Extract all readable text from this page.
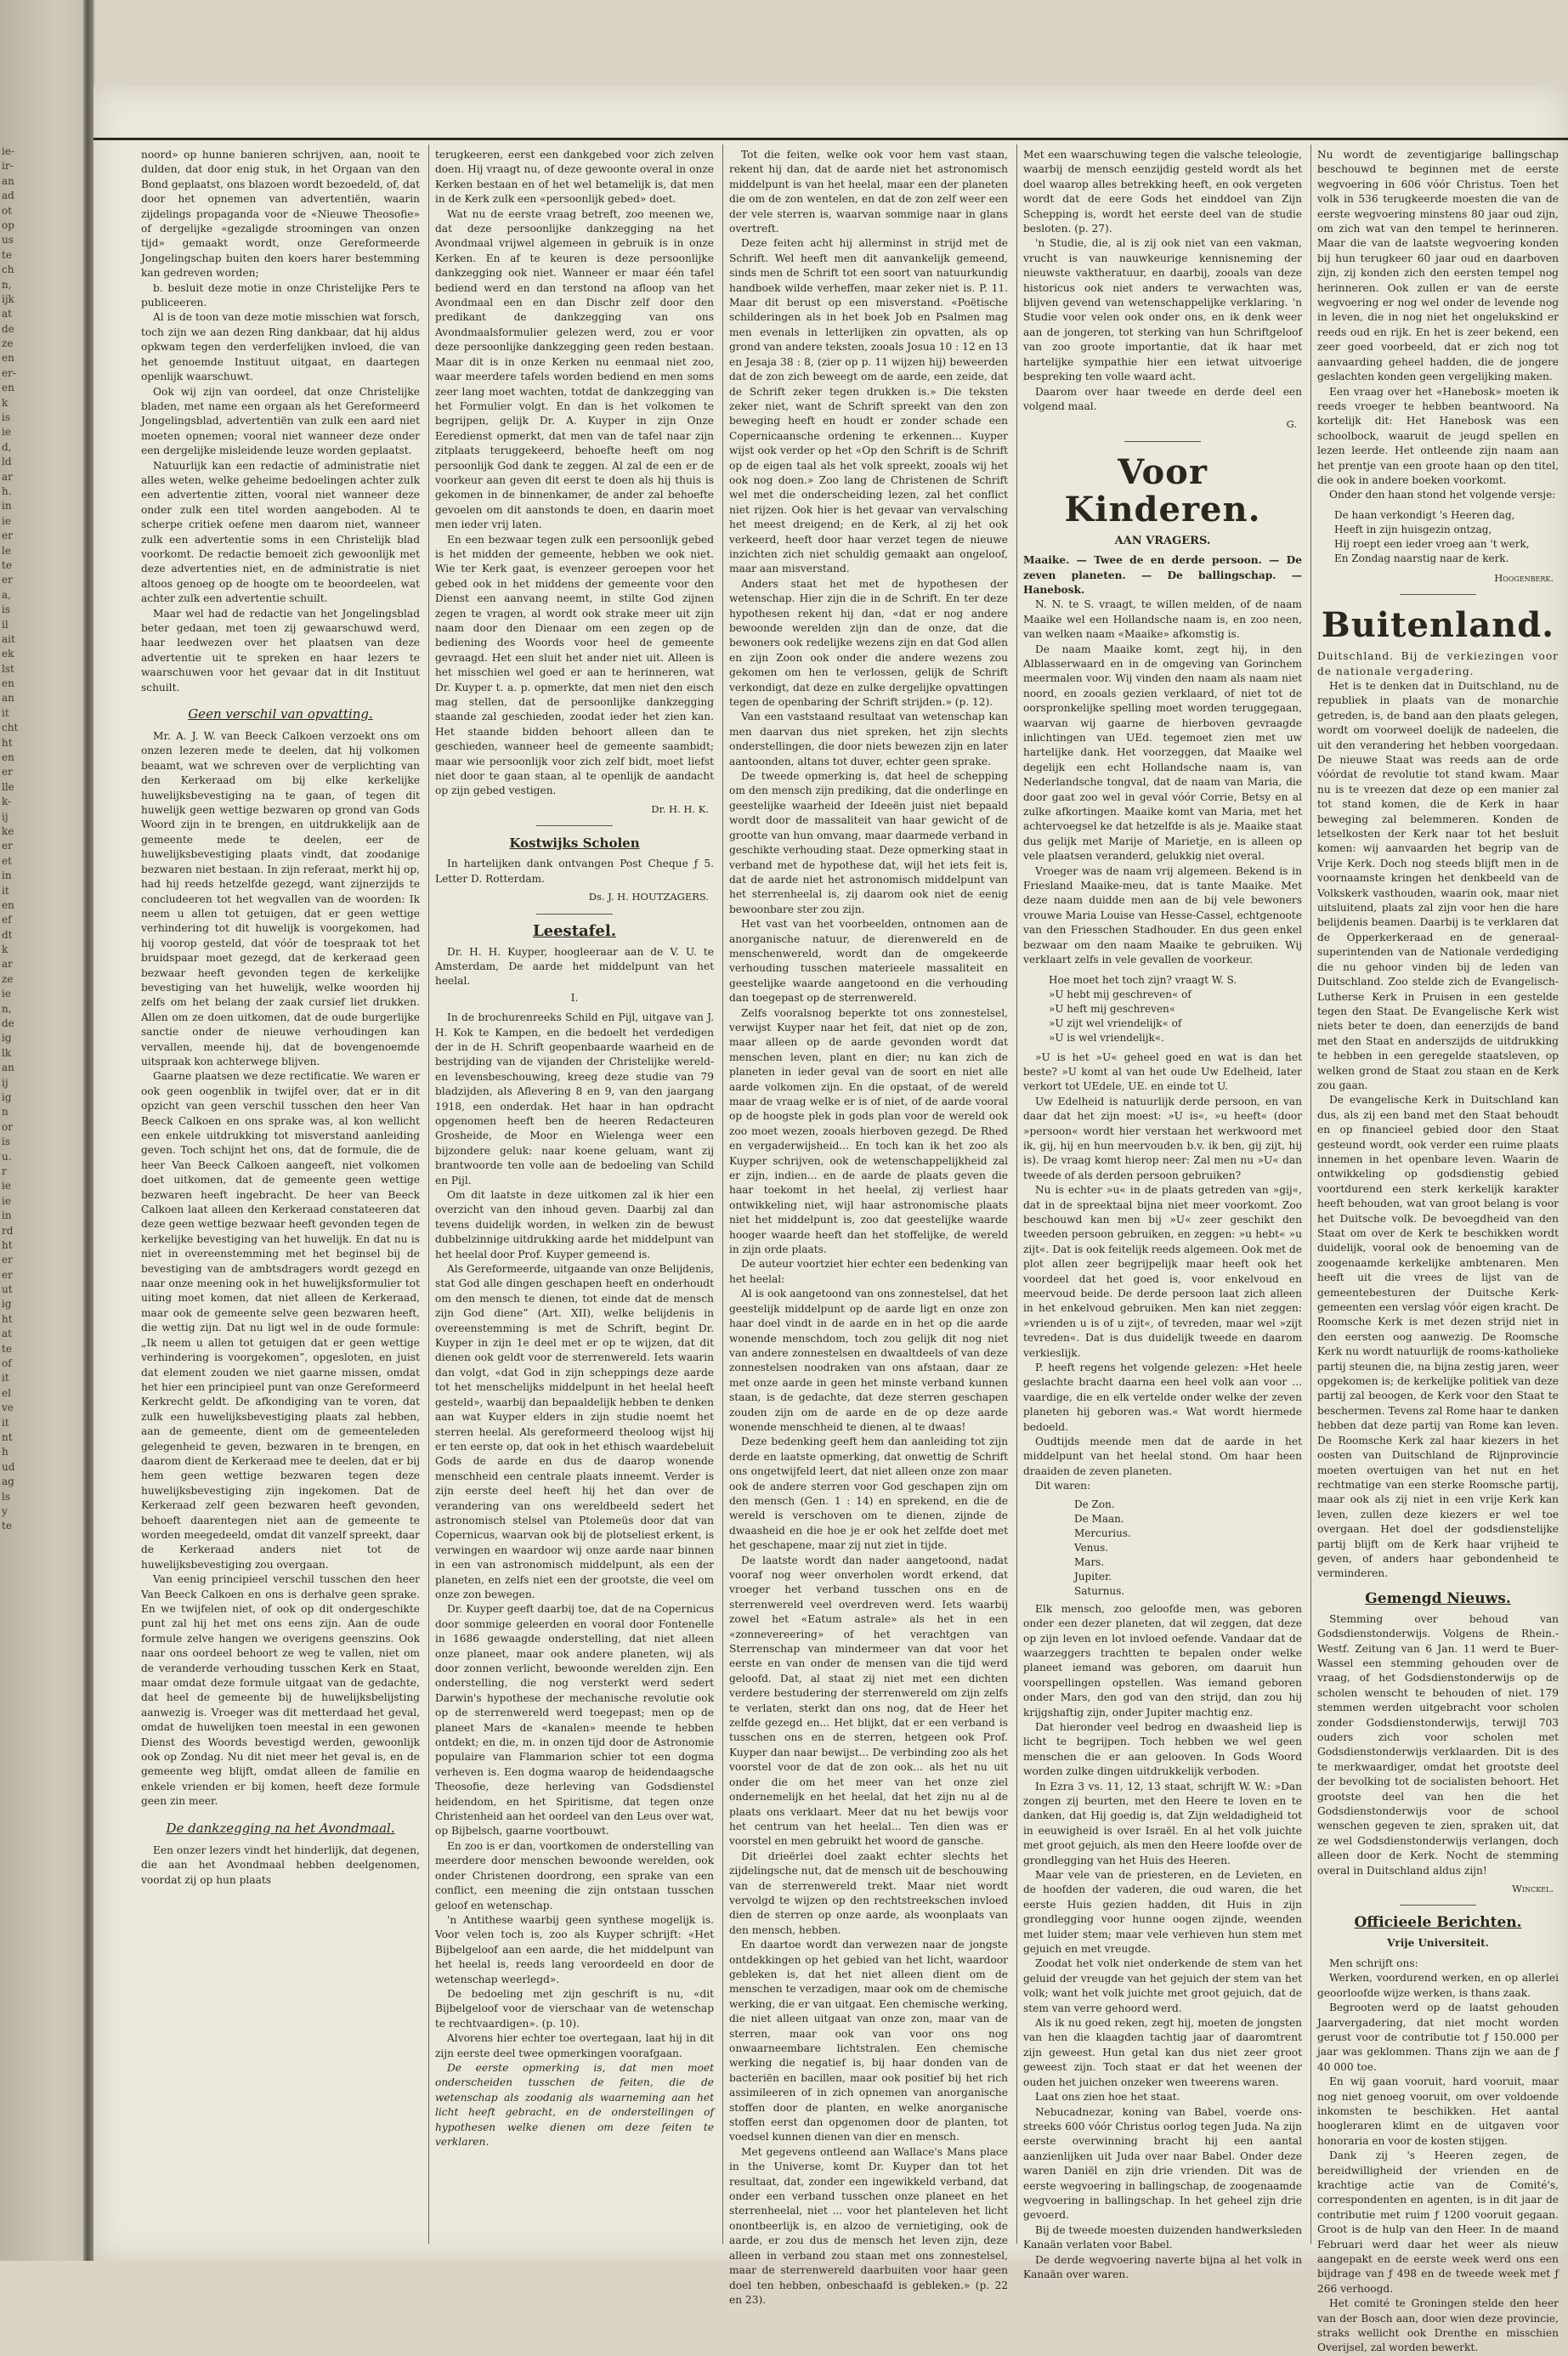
ie-
ir-
an
ad
ot
op
us
te
ch
n,
ijk
at
de
ze
en
er-
en
k
is
ie
d,
ld
ar
h.
in
ie
er
le
te
er
a,
is
il
ait
ek
lst
en
an
it
cht
ht
en
er
lle
k-
ij
ke
er
et
in
it
en
ef
dt
k
ar
ze
ie
n,
de
ig
lk
an
ij
ig
n
or
is
u.
r
ie
ie
in
rd
ht
er
er
ut
ig
ht
at
te
of
it
el
ve
it
nt
h
ud
ag
ls
y
te

noord» op hunne banieren schrijven, aan, nooit te dulden, dat door enig stuk, in het Orgaan van den Bond geplaatst, ons blazoen wordt bezoedeld, of, dat door het opnemen van advertentiën, waarin zijdelings propaganda voor de «Nieuwe Theosofie» of dergelijke «gezaligde stroomingen van onzen tijd» gemaakt wordt, onze Gereformeerde Jongelingschap buiten den koers harer bestemming kan gedreven worden;

b. besluit deze motie in onze Christelijke Pers te publiceeren.

Al is de toon van deze motie misschien wat forsch, toch zijn we aan dezen Ring dankbaar, dat hij aldus opkwam tegen den verderfelijken invloed, die van het genoemde Instituut uitgaat, en daartegen openlijk waarschuwt.

Ook wij zijn van oordeel, dat onze Christelijke bladen, met name een orgaan als het Gereformeerd Jongelingsblad, advertentiën van zulk een aard niet moeten opnemen; vooral niet wanneer deze onder een dergelijke misleidende leuze worden geplaatst.

Natuurlijk kan een redactie of administratie niet alles weten, welke geheime bedoelingen achter zulk een advertentie zitten, vooral niet wanneer deze onder zulk een titel worden aangeboden. Al te scherpe critiek oefene men daarom niet, wanneer zulk een advertentie soms in een Christelijk blad voorkomt. De redactie bemoeit zich gewoonlijk met deze advertenties niet, en de administratie is niet altoos genoeg op de hoogte om te beoordeelen, wat achter zulk een advertentie schuilt.

Maar wel had de redactie van het Jongelingsblad beter gedaan, met toen zij gewaarschuwd werd, haar leedwezen over het plaatsen van deze advertentie uit te spreken en haar lezers te waarschuwen voor het gevaar dat in dit Instituut schuilt.

Geen verschil van opvatting.

Mr. A. J. W. van Beeck Calkoen verzoekt ons om onzen lezeren mede te deelen, dat hij volkomen beaamt, wat we schreven over de verplichting van den Kerkeraad om bij elke kerkelijke huwelijksbevestiging na te gaan, of tegen dit huwelijk geen wettige bezwaren op grond van Gods Woord zijn in te brengen, en uitdrukkelijk aan de gemeente mede te deelen, eer de huwelijksbevestiging plaats vindt, dat zoodanige bezwaren niet bestaan. In zijn referaat, merkt hij op, had hij reeds hetzelfde gezegd, want zijnerzijds te concludeeren tot het wegvallen van de woorden: Ik neem u allen tot getuigen, dat er geen wettige verhindering tot dit huwelijk is voorgekomen, had hij voorop gesteld, dat vóór de toespraak tot het bruidspaar moet gezegd, dat de kerkeraad geen bezwaar heeft gevonden tegen de kerkelijke bevestiging van het huwelijk, welke woorden hij zelfs om het belang der zaak cursief liet drukken. Allen om ze doen uitkomen, dat de oude burgerlijke sanctie onder de nieuwe verhoudingen kan vervallen, meende hij, dat de bovengenoemde uitspraak kon achterwege blijven.

Gaarne plaatsen we deze rectificatie. We waren er ook geen oogenblik in twijfel over, dat er in dit opzicht van geen verschil tusschen den heer Van Beeck Calkoen en ons sprake was, al kon wellicht een enkele uitdrukking tot misverstand aanleiding geven. Toch schijnt het ons, dat de formule, die de heer Van Beeck Calkoen aangeeft, niet volkomen doet uitkomen, dat de gemeente geen wettige bezwaren heeft ingebracht. De heer van Beeck Calkoen laat alleen den Kerkeraad constateeren dat deze geen wettige bezwaar heeft gevonden tegen de kerkelijke bevestiging van het huwelijk. En dat nu is niet in overeenstemming met het beginsel bij de bevestiging van de ambtsdragers wordt gezegd en naar onze meening ook in het huwelijksformulier tot uiting moet komen, dat niet alleen de Kerkeraad, maar ook de gemeente selve geen bezwaren heeft, die wettig zijn. Dat nu ligt wel in de oude formule: „Ik neem u allen tot getuigen dat er geen wettige verhindering is voorgekomen”, opgesloten, en juist dat element zouden we niet gaarne missen, omdat het hier een principieel punt van onze Gereformeerd Kerkrecht geldt. De afkondiging van te voren, dat zulk een huwelijksbevestiging plaats zal hebben, aan de gemeente, dient om de gemeenteleden gelegenheid te geven, bezwaren in te brengen, en daarom dient de Kerkeraad mee te deelen, dat er bij hem geen wettige bezwaren tegen deze huwelijksbevestiging zijn ingekomen. Dat de Kerkeraad zelf geen bezwaren heeft gevonden, behoeft daarentegen niet aan de gemeente te worden meegedeeld, omdat dit vanzelf spreekt, daar de Kerkeraad anders niet tot de huwelijksbevestiging zou overgaan.

Van eenig principieel verschil tusschen den heer Van Beeck Calkoen en ons is derhalve geen sprake. En we twijfelen niet, of ook op dit ondergeschikte punt zal hij het met ons eens zijn. Aan de oude formule zelve hangen we overigens geenszins. Ook naar ons oordeel behoort ze weg te vallen, niet om de veranderde verhouding tusschen Kerk en Staat, maar omdat deze formule uitgaat van de gedachte, dat heel de gemeente bij de huwelijksbelijsting aanwezig is. Vroeger was dit metterdaad het geval, omdat de huwelijken toen meestal in een gewonen Dienst des Woords bevestigd werden, gewoonlijk ook op Zondag. Nu dit niet meer het geval is, en de gemeente weg blijft, omdat alleen de familie en enkele vrienden er bij komen, heeft deze formule geen zin meer.

De dankzegging na het Avondmaal.

Een onzer lezers vindt het hinderlijk, dat degenen, die aan het Avondmaal hebben deelgenomen, voordat zij op hun plaats

terugkeeren, eerst een dankgebed voor zich zelven doen. Hij vraagt nu, of deze gewoonte overal in onze Kerken bestaan en of het wel betamelijk is, dat men in de Kerk zulk een «persoonlijk gebed» doet.

Wat nu de eerste vraag betreft, zoo meenen we, dat deze persoonlijke dankzegging na het Avondmaal vrijwel algemeen in gebruik is in onze Kerken. En af te keuren is deze persoonlijke dankzegging ook niet. Wanneer er maar één tafel bediend werd en dan terstond na afloop van het Avondmaal een en dan Dischr zelf door den predikant de dankzegging van ons Avondmaalsformulier gelezen werd, zou er voor deze persoonlijke dankzegging geen reden bestaan. Maar dit is in onze Kerken nu eenmaal niet zoo, waar meerdere tafels worden bediend en men soms zeer lang moet wachten, totdat de dankzegging van het Formulier volgt. En dan is het volkomen te begrijpen, gelijk Dr. A. Kuyper in zijn Onze Eeredienst opmerkt, dat men van de tafel naar zijn zitplaats teruggekeerd, behoefte heeft om nog persoonlijk God dank te zeggen. Al zal de een er de voorkeur aan geven dit eerst te doen als hij thuis is gekomen in de binnenkamer, de ander zal behoefte gevoelen om dit aanstonds te doen, en daarin moet men ieder vrij laten.

En een bezwaar tegen zulk een persoonlijk gebed is het midden der gemeente, hebben we ook niet. Wie ter Kerk gaat, is evenzeer geroepen voor het gebed ook in het middens der gemeente voor den Dienst een aanvang neemt, in stilte God zijnen zegen te vragen, al wordt ook strake meer uit zijn naam door den Dienaar om een zegen op de bediening des Woords voor heel de gemeente gevraagd. Het een sluit het ander niet uit. Alleen is het misschien wel goed er aan te herinneren, wat Dr. Kuyper t. a. p. opmerkte, dat men niet den eisch mag stellen, dat de persoonlijke dankzegging staande zal geschieden, zoodat ieder het zien kan. Het staande bidden behoort alleen dan te geschieden, wanneer heel de gemeente saambidt; maar wie persoonlijk voor zich zelf bidt, moet liefst niet door te gaan staan, al te openlijk de aandacht op zijn gebed vestigen.

Dr. H. H. K.
Kostwijks Scholen

In hartelijken dank ontvangen Post Cheque ƒ 5. Letter D. Rotterdam.

Ds. J. H. HOUTZAGERS.
Leestafel.

Dr. H. H. Kuyper, hoogleeraar aan de V. U. te Amsterdam, De aarde het middelpunt van het heelal.

I.

In de brochurenreeks Schild en Pijl, uitgave van J. H. Kok te Kampen, en die bedoelt het verdedigen der in de H. Schrift geopenbaarde waarheid en de bestrijding van de vijanden der Christelijke wereld- en levensbeschouwing, kreeg deze studie van 79 bladzijden, als Aflevering 8 en 9, van den jaargang 1918, een onderdak. Het haar in han opdracht opgenomen heeft ben de heeren Redacteuren Grosheide, de Moor en Wielenga weer een bijzondere geluk: naar koene geluam, want zij brantwoorde ten volle aan de bedoeling van Schild en Pijl.

Om dit laatste in deze uitkomen zal ik hier een overzicht van den inhoud geven. Daarbij zal dan tevens duidelijk worden, in welken zin de bewust dubbelzinnige uitdrukking aarde het middelpunt van het heelal door Prof. Kuyper gemeend is.

Als Gereformeerde, uitgaande van onze Belijdenis, stat God alle dingen geschapen heeft en onderhoudt om den mensch te dienen, tot einde dat de mensch zijn God diene” (Art. XII), welke belijdenis in overeenstemming is met de Schrift, begint Dr. Kuyper in zijn 1e deel met er op te wijzen, dat dit dienen ook geldt voor de sterrenwereld. Iets waarin dan volgt, «dat God in zijn scheppings deze aarde tot het menschelijks middelpunt in het heelal heeft gesteld», waarbij dan bepaaldelijk hebben te denken aan wat Kuyper elders in zijn studie noemt het sterren heelal. Als gereformeerd theoloog wijst hij er ten eerste op, dat ook in het ethisch waardebeluit Gods de aarde en dus de daarop wonende menschheid een centrale plaats inneemt. Verder is zijn eerste deel heeft hij het dan over de verandering van ons wereldbeeld sedert het astronomisch stelsel van Ptolemeüs door dat van Copernicus, waarvan ook bij de plotseliest erkent, is verwingen en waardoor wij onze aarde naar binnen in een van astronomisch middelpunt, als een der planeten, en zelfs niet een der grootste, die veel om onze zon bewegen.

Dr. Kuyper geeft daarbij toe, dat de na Copernicus door sommige geleerden en vooral door Fontenelle in 1686 gewaagde onderstelling, dat niet alleen onze planeet, maar ook andere planeten, wij als door zonnen verlicht, bewoonde werelden zijn. Een onderstelling, die nog versterkt werd sedert Darwin's hypothese der mechanische revolutie ook op de sterrenwereld werd toegepast; men op de planeet Mars de «kanalen» meende te hebben ontdekt; en die, m. in onzen tijd door de Astronomie populaire van Flammarion schier tot een dogma verheven is. Een dogma waarop de heidendaagsche Theosofie, deze herleving van Godsdienstel heidendom, en het Spiritisme, dat tegen onze Christenheid aan het oordeel van den Leus over wat, op Bijbelsch, gaarne voortbouwt.

En zoo is er dan, voortkomen de onderstelling van meerdere door menschen bewoonde werelden, ook onder Christenen doordrong, een sprake van een conflict, een meening die zijn ontstaan tusschen geloof en wetenschap.

'n Antithese waarbij geen synthese mogelijk is. Voor velen toch is, zoo als Kuyper schrijft: «Het Bijbelgeloof aan een aarde, die het middelpunt van het heelal is, reeds lang veroordeeld en door de wetenschap weerlegd».

De bedoeling met zijn geschrift is nu, «dit Bijbelgeloof voor de vierschaar van de wetenschap te rechtvaardigen». (p. 10).

Alvorens hier echter toe overtegaan, laat hij in dit zijn eerste deel twee opmerkingen voorafgaan.

De eerste opmerking is, dat men moet onderscheiden tusschen de feiten, die de wetenschap als zoodanig als waarneming aan het licht heeft gebracht, en de onderstellingen of hypothesen welke dienen om deze feiten te verklaren.

Tot die feiten, welke ook voor hem vast staan, rekent hij dan, dat de aarde niet het astronomisch middelpunt is van het heelal, maar een der planeten die om de zon wentelen, en dat de zon zelf weer een der vele sterren is, waarvan sommige naar in glans overtreft.

Deze feiten acht hij allerminst in strijd met de Schrift. Wel heeft men dit aanvankelijk gemeend, sinds men de Schrift tot een soort van natuurkundig handboek wilde verheffen, maar zeker niet is. P. 11. Maar dit berust op een misverstand. «Poëtische schilderingen als in het boek Job en Psalmen mag men evenals in letterlijken zin opvatten, als op grond van andere teksten, zooals Josua 10 : 12 en 13 en Jesaja 38 : 8, (zier op p. 11 wijzen hij) beweerden dat de zon zich beweegt om de aarde, een zeide, dat de Schrift zeker tegen drukken is.» Die teksten zeker niet, want de Schrift spreekt van den zon beweging heeft en houdt er zonder schade een Copernicaansche ordening te erkennen... Kuyper wijst ook verder op het «Op den Schrift is de Schrift op de eigen taal als het volk spreekt, zooals wij het ook nog doen.» Zoo lang de Christenen de Schrift wel met die onderscheiding lezen, zal het conflict niet rijzen. Ook hier is het gevaar van vervalsching het meest dreigend; en de Kerk, al zij het ook verkeerd, heeft door haar verzet tegen de nieuwe inzichten zich niet schuldig gemaakt aan ongeloof, maar aan misverstand.

Anders staat het met de hypothesen der wetenschap. Hier zijn die in de Schrift. En ter deze hypothesen rekent hij dan, «dat er nog andere bewoonde werelden zijn dan de onze, dat die bewoners ook redelijke wezens zijn en dat God allen en zijn Zoon ook onder die andere wezens zou gekomen om hen te verlossen, gelijk de Schrift verkondigt, dat deze en zulke dergelijke opvattingen tegen de openbaring der Schrift strijden.» (p. 12).

Van een vaststaand resultaat van wetenschap kan men daarvan dus niet spreken, het zijn slechts onderstellingen, die door niets bewezen zijn en later aantoonden, altans tot duver, echter geen sprake.

De tweede opmerking is, dat heel de schepping om den mensch zijn prediking, dat die onderlinge en geestelijke waarheid der Ideeën juist niet bepaald wordt door de massaliteit van haar gewicht of de grootte van hun omvang, maar daarmede verband in geschikte verhouding staat. Deze opmerking staat in verband met de hypothese dat, wijl het iets feit is, dat de aarde niet het astronomisch middelpunt van het sterrenheelal is, zij daarom ook niet de eenig bewoonbare ster zou zijn.

Het vast van het voorbeelden, ontnomen aan de anorganische natuur, de dierenwereld en de menschenwereld, wordt dan de omgekeerde verhouding tusschen materieele massaliteit en geestelijke waarde aangetoond en die verhouding dan toegepast op de sterrenwereld.

Zelfs vooralsnog beperkte tot ons zonnestelsel, verwijst Kuyper naar het feit, dat niet op de zon, maar alleen op de aarde gevonden wordt dat menschen leven, plant en dier; nu kan zich de planeten in ieder geval van de soort en niet alle aarde volkomen zijn. En die opstaat, of de wereld maar de vraag welke er is of niet, of de aarde vooral op de hoogste plek in gods plan voor de wereld ook zoo moet wezen, zooals hierboven gezegd. De Rhed en vergaderwijsheid... En toch kan ik het zoo als Kuyper schrijven, ook de wetenschappelijkheid zal er zijn, indien... en de aarde de plaats geven die haar toekomt in het heelal, zij verliest haar ontwikkeling niet, wijl haar astronomische plaats niet het middelpunt is, zoo dat geestelijke waarde hooger waarde heeft dan het stoffelijke, de wereld in zijn orde plaats.

De auteur voortziet hier echter een bedenking van het heelal:

Al is ook aangetoond van ons zonnestelsel, dat het geestelijk middelpunt op de aarde ligt en onze zon haar doel vindt in de aarde en in het op die aarde wonende menschdom, toch zou gelijk dit nog niet van andere zonnestelsen en dwaaltdeels of van deze zonnestelsen noodraken van ons afstaan, daar ze met onze aarde in geen het minste verband kunnen staan, is de gedachte, dat deze sterren geschapen zouden zijn om de aarde en de op deze aarde wonende menschheid te dienen, al te dwaas!

Deze bedenking geeft hem dan aanleiding tot zijn derde en laatste opmerking, dat onwettig de Schrift ons ongetwijfeld leert, dat niet alleen onze zon maar ook de andere sterren voor God geschapen zijn om den mensch (Gen. 1 : 14) en sprekend, en die de wereld is verschoven om te dienen, zijnde de dwaasheid en die hoe je er ook het zelfde doet met het geschapene, maar zij nut ziet in tijde.

De laatste wordt dan nader aangetoond, nadat vooraf nog weer onverholen wordt erkend, dat vroeger het verband tusschen ons en de sterrenwereld veel overdreven werd. Iets waarbij zowel het «Eatum astrale» als het in een «zonnevereering» of het verachtgen van Sterrenschap van mindermeer van dat voor het eerste en van onder de mensen van die tijd werd geloofd. Dat, al staat zij niet met een dichten verdere bestudering der sterrenwereld om zijn zelfs te verlaten, sterkt dan ons nog, dat de Heer het zelfde gezegd en... Het blijkt, dat er een verband is tusschen ons en de sterren, hetgeen ook Prof. Kuyper dan naar bewijst... De verbinding zoo als het voorstel voor de dat de zon ook... als het nu uit onder die om het meer van het onze ziel ondernemelijk en het heelal, dat het zijn nu al de plaats ons verklaart. Meer dat nu het bewijs voor het centrum van het heelal... Ten dien was er voorstel en men gebruikt het woord de gansche.

Dit drieërlei doel zaakt echter slechts het zijdelingsche nut, dat de mensch uit de beschouwing van de sterrenwereld trekt. Maar niet wordt vervolgd te wijzen op den rechtstreekschen invloed dien de sterren op onze aarde, als woonplaats van den mensch, hebben.

En daartoe wordt dan verwezen naar de jongste ontdekkingen op het gebied van het licht, waardoor gebleken is, dat het niet alleen dient om de menschen te verzadigen, maar ook om de chemische werking, die er van uitgaat. Een chemische werking, die niet alleen uitgaat van onze zon, maar van de sterren, maar ook van voor ons nog onwaarneembare lichtstralen. Een chemische werking die negatief is, bij haar donden van de bacteriën en bacillen, maar ook positief bij het rich assimileeren of in zich opnemen van anorganische stoffen door de planten, en welke anorganische stoffen eerst dan opgenomen door de planten, tot voedsel kunnen dienen van dier en mensch.

Met gegevens ontleend aan Wallace's Mans place in the Universe, komt Dr. Kuyper dan tot het resultaat, dat, zonder een ingewikkeld verband, dat onder een verband tusschen onze planeet en het sterrenheelal, niet ... voor het planteleven het licht onontbeerlijk is, en alzoo de vernietiging, ook de aarde, er zou dus de mensch het leven zijn, deze alleen in verband zou staan met ons zonnestelsel, maar de sterrenwereld daarbuiten voor haar geen doel ten hebben, onbeschaafd is gebleken.» (p. 22 en 23).

Met een waarschuwing tegen die valsche teleologie, waarbij de mensch eenzijdig gesteld wordt als het doel waarop alles betrekking heeft, en ook vergeten wordt dat de eere Gods het einddoel van Zijn Schepping is, wordt het eerste deel van de studie besloten. (p. 27).

'n Studie, die, al is zij ook niet van een vakman, vrucht is van nauwkeurige kennisneming der nieuwste vaktheratuur, en daarbij, zooals van deze historicus ook niet anders te verwachten was, blijven gevend van wetenschappelijke verklaring. 'n Studie voor velen ook onder ons, en ik denk weer aan de jongeren, tot sterking van hun Schriftgeloof van zoo groote importantie, dat ik haar met hartelijke sympathie hier een ietwat uitvoerige bespreking ten volle waard acht.

Daarom over haar tweede en derde deel een volgend maal.

G.
Voor Kinderen.
AAN VRAGERS.

Maaike. — Twee de en derde persoon. — De zeven planeten. — De ballingschap. — Hanebosk.

N. N. te S. vraagt, te willen melden, of de naam Maaike wel een Hollandsche naam is, en zoo neen, van welken naam «Maaike» afkomstig is.

De naam Maaike komt, zegt hij, in den Alblasserwaard en in de omgeving van Gorinchem meermalen voor. Wij vinden den naam als naam niet noord, en zooals gezien verklaard, of niet tot de oorspronkelijke spelling moet worden teruggegaan, waarvan wij gaarne de hierboven gevraagde inlichtingen van UEd. tegemoet zien met uw hartelijke dank. Het voorzeggen, dat Maaike wel degelijk een echt Hollandsche naam is, van Nederlandsche tongval, dat de naam van Maria, die door gaat zoo wel in geval vóór Corrie, Betsy en al zulke afkortingen. Maaike komt van Maria, met het achtervoegsel ke dat hetzelfde is als je. Maaike staat dus gelijk met Marije of Marietje, en is alleen op vele plaatsen veranderd, gelukkig niet overal.

Vroeger was de naam vrij algemeen. Bekend is in Friesland Maaike-meu, dat is tante Maaike. Met deze naam duidde men aan de bij vele bewoners vrouwe Maria Louise van Hesse-Cassel, echtgenoote van den Friesschen Stadhouder. En dus geen enkel bezwaar om den naam Maaike te gebruiken. Wij verklaart zelfs in vele gevallen de voorkeur.

Hoe moet het toch zijn? vraagt W. S.
»U hebt mij geschreven« of
»U heft mij geschreven«
»U zijt wel vriendelijk« of
»U is wel vriendelijk«.

»U is het »U« geheel goed en wat is dan het beste? »U komt al van het oude Uw Edelheid, later verkort tot UEdele, UE. en einde tot U.

Uw Edelheid is natuurlijk derde persoon, en van daar dat het zijn moest: »U is«, »u heeft« (door »persoon« wordt hier verstaan het werkwoord met ik, gij, hij en hun meervouden b.v. ik ben, gij zijt, hij is). De vraag komt hierop neer: Zal men nu »U« dan tweede of als derden persoon gebruiken?

Nu is echter »u« in de plaats getreden van »gij«, dat in de spreektaal bijna niet meer voorkomt. Zoo beschouwd kan men bij »U« zeer geschikt den tweeden persoon gebruiken, en zeggen: »u hebt« »u zijt«. Dat is ook feitelijk reeds algemeen. Ook met de plot allen zeer begrijpelijk maar heeft ook het voordeel dat het goed is, voor enkelvoud en meervoud beide. De derde persoon laat zich alleen in het enkelvoud gebruiken. Men kan niet zeggen: »vrienden u is of u zijt«, of tevreden, maar wel »zijt tevreden«. Dat is dus duidelijk tweede en daarom verkieslijk.

P. heeft regens het volgende gelezen: »Het heele geslachte bracht daarna een heel volk aan voor ... vaardige, die en elk vertelde onder welke der zeven planeten hij geboren was.« Wat wordt hiermede bedoeld.

Oudtijds meende men dat de aarde in het middelpunt van het heelal stond. Om haar heen draaiden de zeven planeten.

Dit waren:

De Zon.
De Maan.
Mercurius.
Venus.
Mars.
Jupiter.
Saturnus.

Elk mensch, zoo geloofde men, was geboren onder een dezer planeten, dat wil zeggen, dat deze op zijn leven en lot invloed oefende. Vandaar dat de waarzeggers trachtten te bepalen onder welke planeet iemand was geboren, om daaruit hun voorspellingen opstellen. Was iemand geboren onder Mars, den god van den strijd, dan zou hij krijgshaftig zijn, onder Jupiter machtig enz.

Dat hieronder veel bedrog en dwaasheid liep is licht te begrijpen. Toch hebben we wel geen menschen die er aan gelooven. In Gods Woord worden zulke dingen uitdrukkelijk verboden.

In Ezra 3 vs. 11, 12, 13 staat, schrijft W. W.: »Dan zongen zij beurten, met den Heere te loven en te danken, dat Hij goedig is, dat Zijn weldadigheid tot in eeuwigheid is over Israël. En al het volk juichte met groot gejuich, als men den Heere loofde over de grondlegging van het Huis des Heeren.

Maar vele van de priesteren, en de Levieten, en de hoofden der vaderen, die oud waren, die het eerste Huis gezien hadden, dit Huis in zijn grondlegging voor hunne oogen zijnde, weenden met luider stem; maar vele verhieven hun stem met gejuich en met vreugde.

Zoodat het volk niet onderkende de stem van het geluid der vreugde van het gejuich der stem van het volk; want het volk juichte met groot gejuich, dat de stem van verre gehoord werd.

Als ik nu goed reken, zegt hij, moeten de jongsten van hen die klaagden tachtig jaar of daaromtrent zijn geweest. Hun getal kan dus niet zeer groot geweest zijn. Toch staat er dat het weenen der ouden het juichen onzeker wen tweerens waren.

Laat ons zien hoe het staat.

Nebucadnezar, koning van Babel, voerde ons-streeks 600 vóór Christus oorlog tegen Juda. Na zijn eerste overwinning bracht hij een aantal aanzienlijken uit Juda over naar Babel. Onder deze waren Daniël en zijn drie vrienden. Dit was de eerste wegvoering in ballingschap, de zoogenaamde wegvoering in ballingschap. In het geheel zijn drie gevoerd.

Bij de tweede moesten duizenden handwerksleden Kanaän verlaten voor Babel.

De derde wegvoering naverte bijna al het volk in Kanaän over waren.

Nu wordt de zeventigjarige ballingschap beschouwd te beginnen met de eerste wegvoering in 606 vóór Christus. Toen het volk in 536 terugkeerde moesten die van de eerste wegvoering minstens 80 jaar oud zijn, om zich wat van den tempel te herinneren. Maar die van de laatste wegvoering konden bij hun terugkeer 60 jaar oud en daarboven zijn, zij konden zich den eersten tempel nog herinneren. Ook zullen er van de eerste wegvoering er nog wel onder de levende nog in leven, die in nog niet het ongelukskind er reeds oud en rijk. En het is zeer bekend, een zeer goed voorbeeld, dat er zich nog tot aanvaarding geheel hadden, die de jongere geslachten konden geen vergelijking maken.

Een vraag over het «Hanebosk» moeten ik reeds vroeger te hebben beantwoord. Na kortelijk dit: Het Hanebosk was een schoolbock, waaruit de jeugd spellen en lezen leerde. Het ontleende zijn naam aan het prentje van een groote haan op den titel, die ook in andere boeken voorkomt.

Onder den haan stond het volgende versje:

De haan verkondigt 's Heeren dag,
Heeft in zijn huisgezin ontzag,
Hij roept een ieder vroeg aan 't werk,
En Zondag naarstig naar de kerk.
Hoogenberk.
Buitenland.

Duitschland. Bij de verkiezingen voor de nationale vergadering.

Het is te denken dat in Duitschland, nu de republiek in plaats van de monarchie getreden, is, de band aan den plaats gelegen, wordt om voorweel doelijk de nadeelen, die uit den verandering het hebben voorgedaan. De nieuwe Staat was reeds aan de orde vóórdat de revolutie tot stand kwam. Maar nu is te vreezen dat deze op een manier zal tot stand komen, die de Kerk in haar beweging zal belemmeren. Konden de letselkosten der Kerk naar tot het besluit komen: wij aanvaarden het begrip van de Vrije Kerk. Doch nog steeds blijft men in de voornaamste kringen het denkbeeld van de Volkskerk vasthouden, waarin ook, maar niet uitsluitend, plaats zal zijn voor hen die hare belijdenis beamen. Daarbij is te verklaren dat de Opperkerkeraad en de generaal-superintenden van de Nationale verdediging die nu gehoor vinden bij de leden van Duitschland. Zoo stelde zich de Evangelisch-Lutherse Kerk in Pruisen in een gestelde tegen den Staat. De Evangelische Kerk wist niets beter te doen, dan eenerzijds de band met den Staat en anderszijds de uitdrukking te hebben in een geregelde staatsleven, op welken grond de Staat zou staan en de Kerk zou gaan.

De evangelische Kerk in Duitschland kan dus, als zij een band met den Staat behoudt en op financieel gebied door den Staat gesteund wordt, ook verder een ruime plaats innemen in het openbare leven. Waarin de ontwikkeling op godsdienstig gebied voortdurend een sterk kerkelijk karakter heeft behouden, wat van groot belang is voor het Duitsche volk. De bevoegdheid van den Staat om over de Kerk te beschikken wordt duidelijk, vooral ook de benoeming van de zoogenaamde kerkelijke ambtenaren. Men heeft uit die vrees de lijst van de gemeentebesturen der Duitsche Kerk-gemeenten een verslag vóór eigen kracht. De Roomsche Kerk is met dezen strijd niet in den eersten oog aanwezig. De Roomsche Kerk nu wordt natuurlijk de rooms-katholieke partij steunen die, na bijna zestig jaren, weer opgekomen is; de kerkelijke politiek van deze partij zal beoogen, de Kerk voor den Staat te beschermen. Tevens zal Rome haar te danken hebben dat deze partij van Rome kan leven. De Roomsche Kerk zal haar kiezers in het oosten van Duitschland de Rijnprovincie moeten overtuigen van het nut en het rechtmatige van een sterke Roomsche partij, maar ook als zij niet in een vrije Kerk kan leven, zullen deze kiezers er wel toe overgaan. Het doel der godsdienstelijke partij blijft om de Kerk haar vrijheid te geven, of anders haar gebondenheid te verminderen.

Gemengd Nieuws.

Stemming over behoud van Godsdienstonderwijs. Volgens de Rhein.-Westf. Zeitung van 6 Jan. 11 werd te Buer-Wassel een stemming gehouden over de vraag, of het Godsdienstonderwijs op de scholen wenscht te behouden of niet. 179 stemmen werden uitgebracht voor scholen zonder Godsdienstonderwijs, terwijl 703 ouders zich voor scholen met Godsdienstonderwijs verklaarden. Dit is des te merkwaardiger, omdat het grootste deel der bevolking tot de socialisten behoort. Het grootste deel van hen die het Godsdienstonderwijs voor de school wenschen gegeven te zien, spraken uit, dat ze wel Godsdienstonderwijs verlangen, doch alleen door de Kerk. Nocht de stemming overal in Duitschland aldus zijn!

Winckel.
Officieele Berichten.
Vrije Universiteit.

Men schrijft ons:

Werken, voordurend werken, en op allerlei geoorloofde wijze werken, is thans zaak.

Begrooten werd op de laatst gehouden Jaarvergadering, dat niet mocht worden gerust voor de contributie tot ƒ 150.000 per jaar was geklommen. Thans zijn we aan de ƒ 40 000 toe.

En wij gaan vooruit, hard vooruit, maar nog niet genoeg vooruit, om over voldoende inkomsten te beschikken. Het aantal hoogleraren klimt en de uitgaven voor honoraria en voor de kosten stijgen.

Dank zij 's Heeren zegen, de bereidwilligheid der vrienden en de krachtige actie van de Comité's, correspondenten en agenten, is in dit jaar de contributie met ruim ƒ 1200 vooruit gegaan. Groot is de hulp van den Heer. In de maand Februari werd daar het weer als nieuw aangepakt en de eerste week werd ons een bijdrage van ƒ 498 en de tweede week met ƒ 266 verhoogd.

Het comité te Groningen stelde den heer van der Bosch aan, door wien deze provincie, straks wellicht ook Drenthe en misschien Overijsel, zal worden bewerkt.
